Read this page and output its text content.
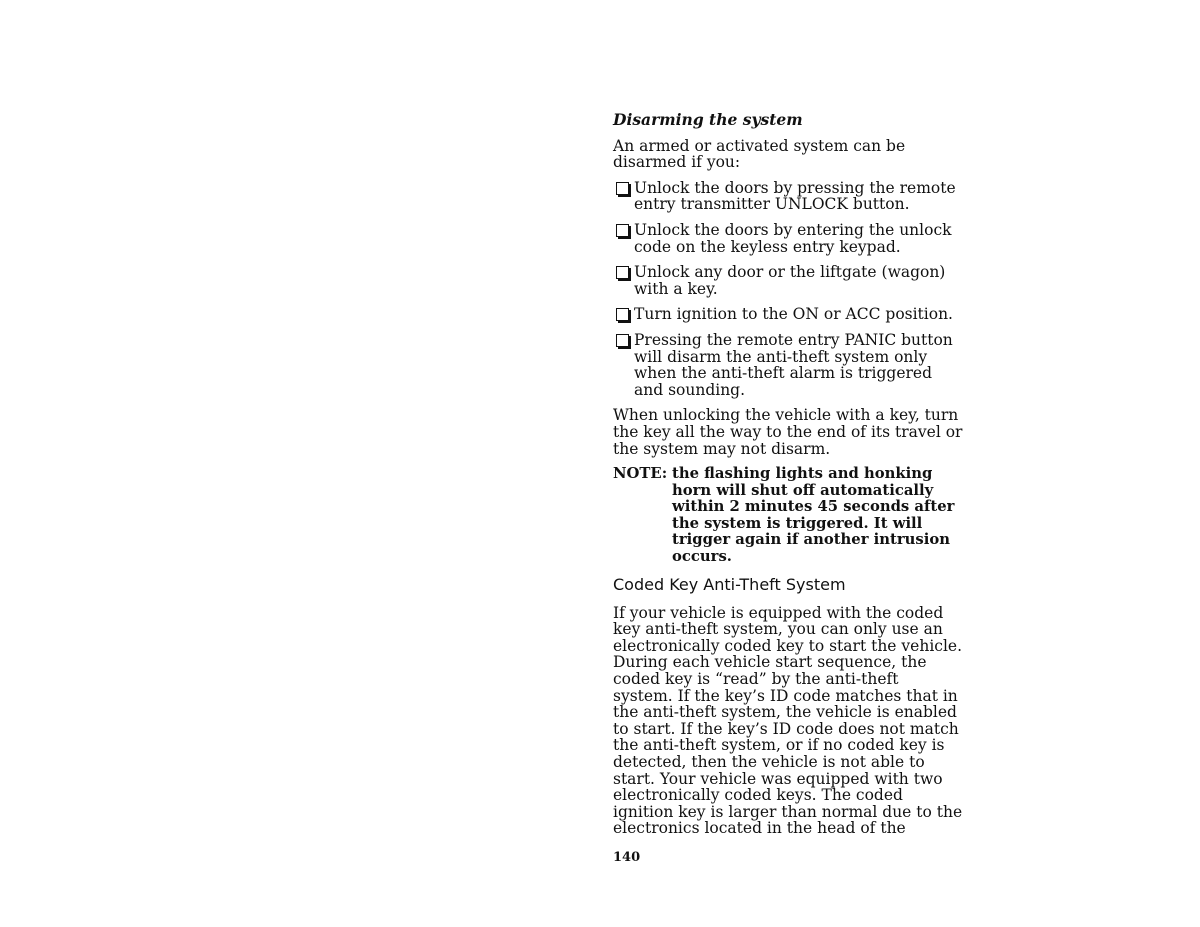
Disarming the system
An armed or activated system can be disarmed if you:
Unlock the doors by pressing the remote entry transmitter UNLOCK button.
Unlock the doors by entering the unlock code on the keyless entry keypad.
Unlock any door or the liftgate (wagon) with a key.
Turn ignition to the ON or ACC position.
Pressing the remote entry PANIC button will disarm the anti-theft system only when the anti-theft alarm is triggered and sounding.
When unlocking the vehicle with a key, turn the key all the way to the end of its travel or the system may not disarm.
NOTE: the flashing lights and honking horn will shut off automatically within 2 minutes 45 seconds after the system is triggered. It will trigger again if another intrusion occurs.
Coded Key Anti-Theft System
If your vehicle is equipped with the coded key anti-theft system, you can only use an electronically coded key to start the vehicle. During each vehicle start sequence, the coded key is “read” by the anti-theft system. If the key’s ID code matches that in the anti-theft system, the vehicle is enabled to start. If the key’s ID code does not match the anti-theft system, or if no coded key is detected, then the vehicle is not able to start. Your vehicle was equipped with two electronically coded keys. The coded ignition key is larger than normal due to the electronics located in the head of the
140
